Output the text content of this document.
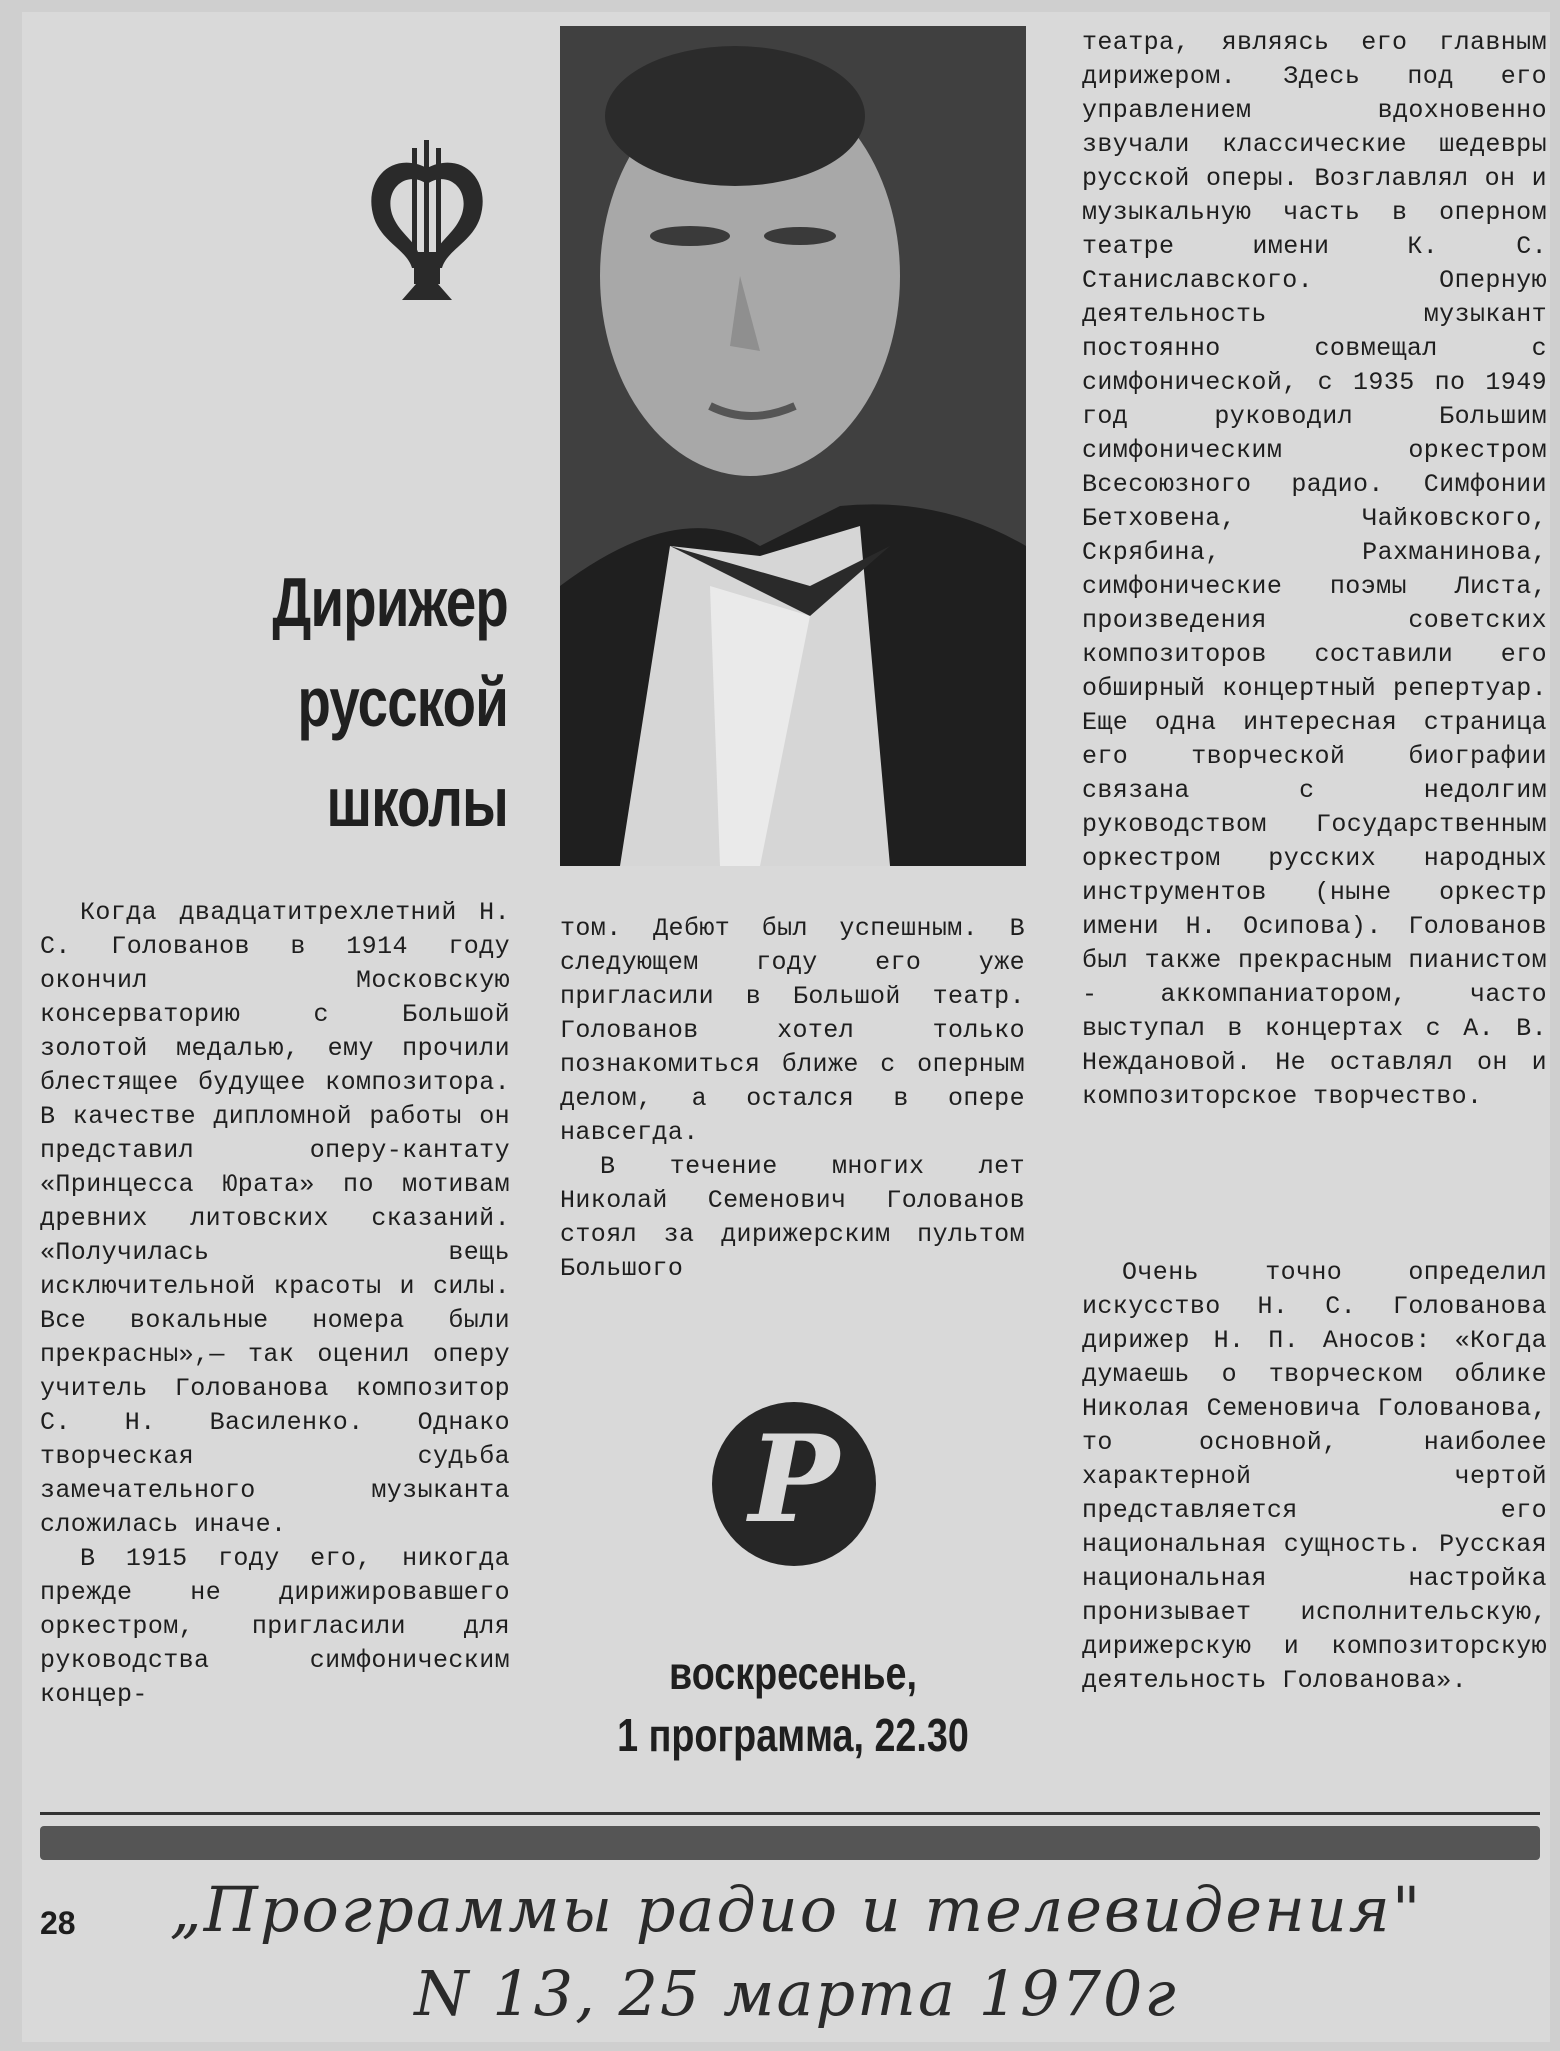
Дирижер
русской
школы

Когда двадцатитрехлетний Н. С. Голованов в 1914 году окончил Московскую консерваторию с Большой золотой медалью, ему прочили блестящее будущее композитора. В качестве дипломной работы он представил оперу-кантату «Принцесса Юрата» по мотивам древних литовских сказаний. «Получилась вещь исключительной красоты и силы. Все вокальные номера были прекрасны»,— так оценил оперу учитель Голованова композитор С. Н. Василенко. Однако творческая судьба замечательного музыканта сложилась иначе.

В 1915 году его, никогда прежде не дирижировавшего оркестром, пригласили для руководства симфоническим концер-

том. Дебют был успешным. В следующем году его уже пригласили в Большой театр. Голованов хотел только познакомиться ближе с оперным делом, а остался в опере навсегда.

В течение многих лет Николай Семенович Голованов стоял за дирижерским пультом Большого

театра, являясь его главным дирижером. Здесь под его управлением вдохновенно звучали классические шедевры русской оперы. Возглавлял он и музыкальную часть в оперном театре имени К. С. Станиславского. Оперную деятельность музыкант постоянно совмещал с симфонической, с 1935 по 1949 год руководил Большим симфоническим оркестром Всесоюзного радио. Симфонии Бетховена, Чайковского, Скрябина, Рахманинова, симфонические поэмы Листа, произведения советских композиторов составили его обширный концертный репертуар. Еще одна интересная страница его творческой биографии связана с недолгим руководством Государственным оркестром русских народных инструментов (ныне оркестр имени Н. Осипова). Голованов был также прекрасным пианистом - аккомпаниатором, часто выступал в концертах с А. В. Неждановой. Не оставлял он и композиторское творчество.

Очень точно определил искусство Н. С. Голованова дирижер Н. П. Аносов: «Когда думаешь о творческом облике Николая Семеновича Голованова, то основной, наиболее характерной чертой представляется его национальная сущность. Русская национальная настройка пронизывает исполнительскую, дирижерскую и композиторскую деятельность Голованова».

Р
воскресенье,
1 программа, 22.30
28	„Программы радио и телевидения"
N 13, 25 марта 1970г
